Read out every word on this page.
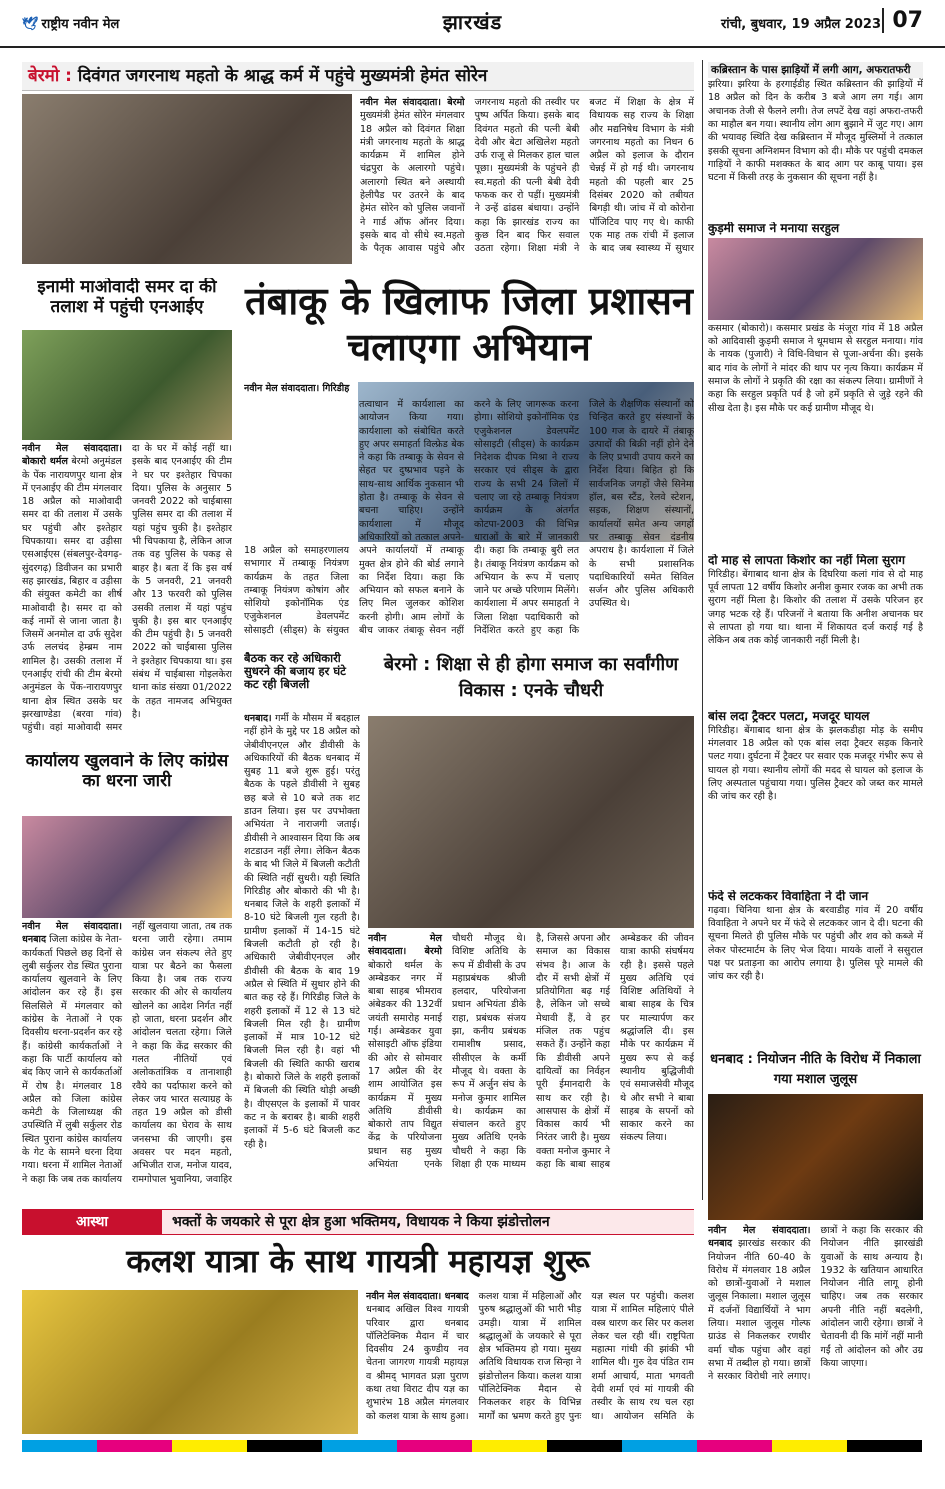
🕊 राष्ट्रीय नवीन मेल	झारखंड	रांची, बुधवार, 19 अप्रैल 2023 07
बेरमो : दिवंगत जगरनाथ महतो के श्राद्ध कर्म में पहुंचे मुख्यमंत्री हेमंत सोरेन
नवीन मेल संवाददाता। बेरमो मुख्यमंत्री हेमंत सोरेन मंगलवार 18 अप्रैल को दिवंगत शिक्षा मंत्री जगरनाथ महतो के श्राद्ध कार्यक्रम में शामिल होने चंद्रपुरा के अलारगो पहुंचे। अलारगो स्थित बने अस्थायी हेलीपैड पर उतरने के बाद हेमंत सोरेन को पुलिस जवानों ने गार्ड ऑफ ऑनर दिया। इसके बाद वो सीधे स्व.महतो के पैतृक आवास पहुंचे और जगरनाथ महतो की तस्वीर पर पुष्प अर्पित किया। इसके बाद दिवंगत महतो की पत्नी बेबी देवी और बेटा अखिलेश महतो उर्फ राजू से मिलकर हाल चाल पूछा। मुख्यमंत्री के पहुंचने ही स्व.महतो की पत्नी बेबी देवी फफक कर रो पड़ीं। मुख्यमंत्री ने उन्हें ढांढस बंधाया। उन्होंने कहा कि झारखंड राज्य का कुछ दिन बाद फिर सवाल उठता रहेगा। शिक्षा मंत्री ने बजट में शिक्षा के क्षेत्र में विधायक सह राज्य के शिक्षा और मद्यनिषेध विभाग के मंत्री जगरनाथ महतो का निधन 6 अप्रैल को इलाज के दौरान चेन्नई में हो गई थी। जगरनाथ महतो की पहली बार 25 दिसंबर 2020 को तबीयत बिगड़ी थी। जांच में वो कोरोना पॉजिटिव पाए गए थे। काफी एक माह तक रांची में इलाज के बाद जब स्वास्थ्य में सुधार
इनामी माओवादी समर दा की तलाश में पहुंची एनआईए
नवीन मेल संवाददाता। बोकारो थर्मल बेरमो अनुमंडल के पेंक नारायणपुर थाना क्षेत्र में एनआईए की टीम मंगलवार 18 अप्रैल को माओवादी समर दा की तलाश में उसके घर पहुंची और इश्तेहार चिपकाया। समर दा उड़ीसा एसआईएस (संबलपुर-देवगढ़-सुंदरगढ़) डिवीजन का प्रभारी सह झारखंड, बिहार व उड़ीसा की संयुक्त कमेटी का शीर्ष माओवादी है। समर दा को कई नामों से जाना जाता है। जिसमें अनमोल दा उर्फ सुदेश उर्फ ललचंद हेम्ब्रम नाम शामिल है। उसकी तलाश में एनआईए रांची की टीम बेरमो अनुमंडल के पेंक-नारायणपुर थाना क्षेत्र स्थित उसके घर झरखाण्डेडा (बरवा गांव) पहुंची। वहां माओवादी समर दा के घर में कोई नहीं था। इसके बाद एनआईए की टीम ने घर पर इश्तेहार चिपका दिया। पुलिस के अनुसार 5 जनवरी 2022 को चाईबासा पुलिस समर दा की तलाश में यहां पहुंच चुकी है। इश्तेहार भी चिपकाया है, लेकिन आज तक वह पुलिस के पकड़ से बाहर है। बता दें कि इस वर्ष के 5 जनवरी, 21 जनवरी और 13 फरवरी को पुलिस उसकी तलाश में यहां पहुंच चुकी है। इस बार एनआईए की टीम पहुंची है। 5 जनवरी 2022 को चाईबासा पुलिस ने इश्तेहार चिपकाया था। इस संबंध में चाईबासा गोइलकेरा थाना कांड संख्या 01/2022 के तहत नामजद अभियुक्त है।
तंबाकू के खिलाफ जिला प्रशासन चलाएगा अभियान
नवीन मेल संवाददाता। गिरिडीह
18 अप्रैल को समाहरणालय सभागार में तम्बाकू नियंत्रण कार्यक्रम के तहत जिला तम्बाकू नियंत्रण कोषांग और सोशियो इकोनॉमिक एंड एजुकेशनल डेवलपमेंट सोसाइटी (सीड्स) के संयुक्त तत्वाधान में कार्यशाला का आयोजन किया गया। कार्यशाला को संबोधित करते हुए अपर समाहर्ता विल्फ्रेड बेक ने कहा कि तम्बाकू के सेवन से सेहत पर दुष्प्रभाव पड़ने के साथ-साथ आर्थिक नुकसान भी होता है। तम्बाकू के सेवन से बचना चाहिए। उन्होंने कार्यशाला में मौजूद अधिकारियों को तत्काल अपने-अपने कार्यालयों में तम्बाकू मुक्त क्षेत्र होने की बोर्ड लगाने का निर्देश दिया। कहा कि अभियान को सफल बनाने के लिए मिल जुलकर कोशिश करनी होगी। आम लोगों के बीच जाकर तंबाकू सेवन नहीं करने के लिए जागरूक करना होगा। सोशियो इकोनॉमिक एंड एजुकेशनल डेवलपमेंट सोसाइटी (सीड्स) के कार्यक्रम निदेशक दीपक मिश्रा ने राज्य सरकार एवं सीड्स के द्वारा राज्य के सभी 24 जिलों में चलाए जा रहे तम्बाकू नियंत्रण कार्यक्रम के अंतर्गत कोटपा-2003 की विभिन्न धाराओं के बारे में जानकारी दी। कहा कि तम्बाकू बुरी लत है। तंबाकू नियंत्रण कार्यक्रम को अभियान के रूप में चलाए जाने पर अच्छे परिणाम मिलेंगे। कार्यशाला में अपर समाहर्ता ने जिला शिक्षा पदाधिकारी को निर्देशित करते हुए कहा कि जिले के शैक्षणिक संस्थानों को चिन्हित करते हुए संस्थानों के 100 गज के दायरे में तंबाकू उत्पादों की बिक्री नहीं होने देने के लिए प्रभावी उपाय करने का निर्देश दिया। बिहित हो कि सार्वजनिक जगहों जैसे सिनेमा हॉल, बस स्टैंड, रेलवे स्टेशन, सड़क, शिक्षण संस्थानों, कार्यालयों समेत अन्य जगहों पर तम्बाकू सेवन दंडनीय अपराध है। कार्यशाला में जिले के सभी प्रशासनिक पदाधिकारियों समेत सिविल सर्जन और पुलिस अधिकारी उपस्थित थे।
बैठक कर रहे अधिकारी सुधरने की बजाय हर घंटे कट रही बिजली
धनबाद। गर्मी के मौसम में बदहाल नहीं होने के मुद्दे पर 18 अप्रैल को जेबीवीएनएल और डीवीसी के अधिकारियों की बैठक धनबाद में सुबह 11 बजे शुरू हुई। परंतु बैठक के पहले डीवीसी ने सुबह छह बजे से 10 बजे तक शट डाउन लिया। इस पर उपभोक्ता अभियंता ने नाराजगी जताई। डीवीसी ने आश्वासन दिया कि अब शटडाउन नहीं लेगा। लेकिन बैठक के बाद भी जिले में बिजली कटौती की स्थिति नहीं सुधरी। यही स्थिति गिरिडीह और बोकारो की भी है। धनबाद जिले के शहरी इलाकों में 8-10 घंटे बिजली गुल रहती है। ग्रामीण इलाकों में 14-15 घंटे बिजली कटौती हो रही है। अधिकारी जेबीवीएनएल और डीवीसी की बैठक के बाद 19 अप्रैल से स्थिति में सुधार होने की बात कह रहे हैं। गिरिडीह जिले के शहरी इलाकों में 12 से 13 घंटे बिजली मिल रही है। ग्रामीण इलाकों में मात्र 10-12 घंटे बिजली मिल रही है। वहां भी बिजली की स्थिति काफी खराब है। बोकारो जिले के शहरी इलाकों में बिजली की स्थिति थोड़ी अच्छी है। वीएसएल के इलाकों में पावर कट न के बराबर है। बाकी शहरी इलाकों में 5-6 घंटे बिजली कट रही है।
कार्यालय खुलवाने के लिए कांग्रेस का धरना जारी
नवीन मेल संवाददाता। धनबाद जिला कांग्रेस के नेता-कार्यकर्ता पिछले छह दिनों से लुबी सर्कुलर रोड स्थित पुराना कार्यालय खुलवाने के लिए आंदोलन कर रहे हैं। इस सिलसिले में मंगलवार को कांग्रेस के नेताओं ने एक दिवसीय धरना-प्रदर्शन कर रहे हैं। कांग्रेसी कार्यकर्ताओं ने कहा कि पार्टी कार्यालय को बंद किए जाने से कार्यकर्ताओं में रोष है। मंगलवार 18 अप्रैल को जिला कांग्रेस कमेटी के जिलाध्यक्ष की उपस्थिति में लुबी सर्कुलर रोड स्थित पुराना कांग्रेस कार्यालय के गेट के सामने धरना दिया गया। धरना में शामिल नेताओं ने कहा कि जब तक कार्यालय नहीं खुलवाया जाता, तब तक धरना जारी रहेगा। तमाम कांग्रेस जन संकल्प लेते हुए यात्रा पर बैठने का फैसला किया है। जब तक राज्य सरकार की ओर से कार्यालय खोलने का आदेश निर्गत नहीं हो जाता, धरना प्रदर्शन और आंदोलन चलता रहेगा। जिले ने कहा कि केंद्र सरकार की गलत नीतियों एवं अलोकतांत्रिक व तानाशाही रवैये का पर्दाफाश करने को लेकर जय भारत सत्याग्रह के तहत 19 अप्रैल को डीसी कार्यालय का घेराव के साथ जनसभा की जाएगी। इस अवसर पर मदन महतो, अभिजीत राज, मनोज यादव, रामगोपाल भुवानिया, जवाहिर
बेरमो : शिक्षा से ही होगा समाज का सर्वांगीण विकास : एनके चौधरी
नवीन मेल संवाददाता। बेरमो बोकारो थर्मल के अम्बेडकर नगर में बाबा साहब भीमराव अंबेडकर की 132वीं जयंती समारोह मनाई गई। अम्बेडकर युवा सोसाइटी ऑफ इंडिया की ओर से सोमवार 17 अप्रैल की देर शाम आयोजित इस कार्यक्रम में मुख्य अतिथि डीवीसी बोकारो ताप विद्युत केंद्र के परियोजना प्रधान सह मुख्य अभियंता एनके चौधरी मौजूद थे। विशिष्ट अतिथि के रूप में डीवीसी के उप महाप्रबंधक श्रीजी हलदार, परियोजना प्रधान अभियंता डीके राहा, प्रबंधक संजय झा, कनीय प्रबंधक रामाशीष प्रसाद, सीसीएल के कर्मी मौजूद थे। वक्ता के रूप में अर्जुन संघ के मनोज कुमार शामिल थे। कार्यक्रम का संचालन करते हुए मुख्य अतिथि एनके चौधरी ने कहा कि शिक्षा ही एक माध्यम है, जिससे अपना और समाज का विकास संभव है। आज के दौर में सभी क्षेत्रों में प्रतियोगिता बढ़ गई है, लेकिन जो सच्चे मेधावी हैं, वे हर मंजिल तक पहुंच सकते हैं। उन्होंने कहा कि डीवीसी अपने दायित्वों का निर्वहन पूरी ईमानदारी के साथ कर रही है। आसपास के क्षेत्रों में विकास कार्य भी निरंतर जारी है। मुख्य वक्ता मनोज कुमार ने कहा कि बाबा साहब अम्बेडकर की जीवन यात्रा काफी संघर्षमय रही है। इससे पहले मुख्य अतिथि एवं विशिष्ट अतिथियों ने बाबा साहब के चित्र पर माल्यार्पण कर श्रद्धांजलि दी। इस मौके पर कार्यक्रम में मुख्य रूप से कई स्थानीय बुद्धिजीवी एवं समाजसेवी मौजूद थे और सभी ने बाबा साहब के सपनों को साकार करने का संकल्प लिया।
कब्रिस्तान के पास झाड़ियों में लगी आग, अफरातफरी
झरिया। झरिया के हरगाईडीह स्थित कब्रिस्तान की झाड़ियों में 18 अप्रैल को दिन के करीब 3 बजे आग लग गई। आग अचानक तेजी से फैलने लगी। तेज लपटें देख वहां अफरा-तफरी का माहौल बन गया। स्थानीय लोग आग बुझाने में जुट गए। आग की भयावह स्थिति देख कब्रिस्तान में मौजूद मुस्लिमों ने तत्काल इसकी सूचना अग्निशमन विभाग को दी। मौके पर पहुंची दमकल गाड़ियों ने काफी मशक्कत के बाद आग पर काबू पाया। इस घटना में किसी तरह के नुकसान की सूचना नहीं है।
कुड़मी समाज ने मनाया सरहुल
कसमार (बोकारो)। कसमार प्रखंड के मंजूरा गांव में 18 अप्रैल को आदिवासी कुड़मी समाज ने धूमधाम से सरहुल मनाया। गांव के नायक (पुजारी) ने विधि-विधान से पूजा-अर्चना की। इसके बाद गांव के लोगों ने मांदर की थाप पर नृत्य किया। कार्यक्रम में समाज के लोगों ने प्रकृति की रक्षा का संकल्प लिया। ग्रामीणों ने कहा कि सरहुल प्रकृति पर्व है जो हमें प्रकृति से जुड़े रहने की सीख देता है। इस मौके पर कई ग्रामीण मौजूद थे।
दो माह से लापता किशोर का नहीं मिला सुराग
गिरिडीह। बेंगाबाद थाना क्षेत्र के दिघरिया कलां गांव से दो माह पूर्व लापता 12 वर्षीय किशोर अनीश कुमार रजक का अभी तक सुराग नहीं मिला है। किशोर की तलाश में उसके परिजन हर जगह भटक रहे हैं। परिजनों ने बताया कि अनीश अचानक घर से लापता हो गया था। थाना में शिकायत दर्ज कराई गई है लेकिन अब तक कोई जानकारी नहीं मिली है।
बांस लदा ट्रैक्टर पलटा, मजदूर घायल
गिरिडीह। बेंगाबाद थाना क्षेत्र के झलकडीहा मोड़ के समीप मंगलवार 18 अप्रैल को एक बांस लदा ट्रैक्टर सड़क किनारे पलट गया। दुर्घटना में ट्रैक्टर पर सवार एक मजदूर गंभीर रूप से घायल हो गया। स्थानीय लोगों की मदद से घायल को इलाज के लिए अस्पताल पहुंचाया गया। पुलिस ट्रैक्टर को जब्त कर मामले की जांच कर रही है।
फंदे से लटककर विवाहिता ने दी जान
गढ़वा। चिनिया थाना क्षेत्र के बरवाडीह गांव में 20 वर्षीय विवाहिता ने अपने घर में फंदे से लटककर जान दे दी। घटना की सूचना मिलते ही पुलिस मौके पर पहुंची और शव को कब्जे में लेकर पोस्टमार्टम के लिए भेज दिया। मायके वालों ने ससुराल पक्ष पर प्रताड़ना का आरोप लगाया है। पुलिस पूरे मामले की जांच कर रही है।
धनबाद : नियोजन नीति के विरोध में निकाला गया मशाल जुलूस
नवीन मेल संवाददाता। धनबाद झारखंड सरकार की नियोजन नीति 60-40 के विरोध में मंगलवार 18 अप्रैल को छात्रों-युवाओं ने मशाल जुलूस निकाला। मशाल जुलूस में दर्जनों विद्यार्थियों ने भाग लिया। मशाल जुलूस गोल्फ ग्राउंड से निकलकर रणधीर वर्मा चौक पहुंचा और वहां सभा में तब्दील हो गया। छात्रों ने सरकार विरोधी नारे लगाए। छात्रों ने कहा कि सरकार की नियोजन नीति झारखंडी युवाओं के साथ अन्याय है। 1932 के खतियान आधारित नियोजन नीति लागू होनी चाहिए। जब तक सरकार अपनी नीति नहीं बदलेगी, आंदोलन जारी रहेगा। छात्रों ने चेतावनी दी कि मांगें नहीं मानी गईं तो आंदोलन को और उग्र किया जाएगा।
आस्था	भक्तों के जयकारे से पूरा क्षेत्र हुआ भक्तिमय, विधायक ने किया झंडोत्तोलन
कलश यात्रा के साथ गायत्री महायज्ञ शुरू
नवीन मेल संवाददाता। धनबाद धनबाद अखिल विश्व गायत्री परिवार द्वारा धनबाद पॉलिटेक्निक मैदान में चार दिवसीय 24 कुण्डीय नव चेतना जागरण गायत्री महायज्ञ व श्रीमद् भागवत प्रज्ञा पुराण कथा तथा विराट दीप यज्ञ का शुभारंभ 18 अप्रैल मंगलवार को कलश यात्रा के साथ हुआ। कलश यात्रा में महिलाओं और पुरुष श्रद्धालुओं की भारी भीड़ उमड़ी। यात्रा में शामिल श्रद्धालुओं के जयकारे से पूरा क्षेत्र भक्तिमय हो गया। मुख्य अतिथि विधायक राज सिन्हा ने झंडोत्तोलन किया। कलश यात्रा पॉलिटेक्निक मैदान से निकलकर शहर के विभिन्न मार्गों का भ्रमण करते हुए पुनः यज्ञ स्थल पर पहुंची। कलश यात्रा में शामिल महिलाएं पीले वस्त्र धारण कर सिर पर कलश लेकर चल रही थीं। राष्ट्रपिता महात्मा गांधी की झांकी भी शामिल थी। गुरु देव पंडित राम शर्मा आचार्य, माता भगवती देवी शर्मा एवं मां गायत्री की तस्वीर के साथ रथ चल रहा था। आयोजन समिति के
